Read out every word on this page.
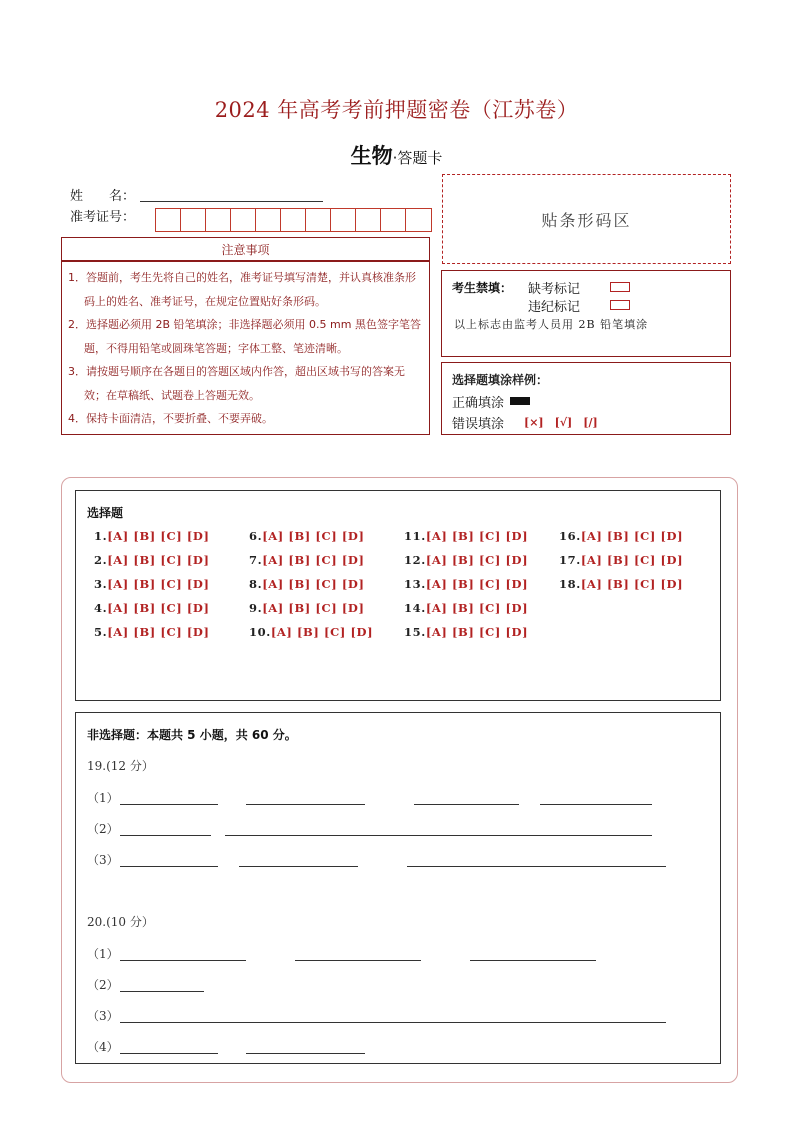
2024 年高考考前押题密卷（江苏卷）
生物·答题卡
姓　　名：
准考证号：
注意事项
1．答题前，考生先将自己的姓名，准考证号填写清楚，并认真核准条形码上的姓名、准考证号，在规定位置贴好条形码。
2．选择题必须用 2B 铅笔填涂；非选择题必须用 0.5 mm 黑色签字笔答题，不得用铅笔或圆珠笔答题；字体工整、笔迹清晰。
3．请按题号顺序在各题目的答题区域内作答，超出区域书写的答案无效；在草稿纸、试题卷上答题无效。
4．保持卡面清洁，不要折叠、不要弄破。
贴条形码区
考生禁填： 缺考标记
违纪标记
以上标志由监考人员用 2B 铅笔填涂
选择题填涂样例：
正确填涂
错误填涂 [×]　[√]　[/]
选择题
1.[A] [B] [C] [D]
2.[A] [B] [C] [D]
3.[A] [B] [C] [D]
4.[A] [B] [C] [D]
5.[A] [B] [C] [D]
6.[A] [B] [C] [D]
7.[A] [B] [C] [D]
8.[A] [B] [C] [D]
9.[A] [B] [C] [D]
10.[A] [B] [C] [D]
11.[A] [B] [C] [D]
12.[A] [B] [C] [D]
13.[A] [B] [C] [D]
14.[A] [B] [C] [D]
15.[A] [B] [C] [D]
16.[A] [B] [C] [D]
17.[A] [B] [C] [D]
18.[A] [B] [C] [D]
非选择题：本题共 5 小题，共 60 分。
19.(12 分）
（1）
（2）
（3）
20.(10 分）
（1）
（2）
（3）
（4）
